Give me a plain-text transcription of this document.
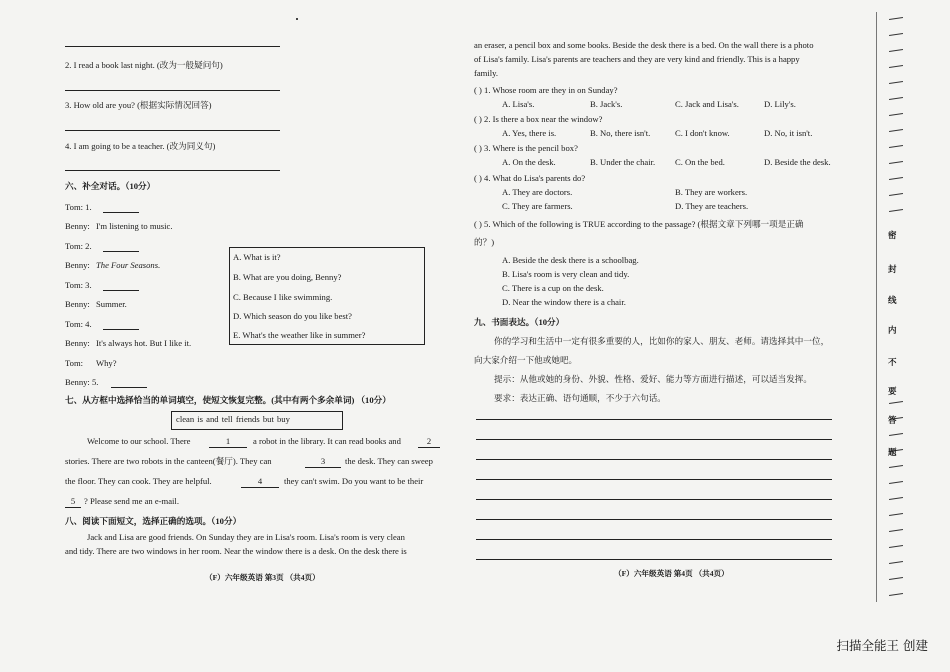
2. I read a book last night. (改为一般疑问句)
3. How old are you? (根据实际情况回答)
4. I am going to be a teacher. (改为同义句)
六、补全对话。（10分）
Tom: 1.
Benny: I'm listening to music.
Tom: 2.
Benny: The Four Seasons.
Tom: 3.
Benny: Summer.
Tom: 4.
Benny: It's always hot. But I like it.
Tom: Why?
Benny: 5.
A. What is it?
B. What are you doing, Benny?
C. Because I like swimming.
D. Which season do you like best?
E. What's the weather like in summer?
七、从方框中选择恰当的单词填空，使短文恢复完整。(其中有两个多余单词) （10分）
clean is and tell friends but buy
Welcome to our school. There	1	a robot in the library. It can read books and	2
stories. There are two robots in the canteen(餐厅). They can	3	the desk. They can sweep
the floor. They can cook. They are helpful.	4	they can't swim. Do you want to be their
5	? Please send me an e-mail.
八、阅读下面短文，选择正确的选项。（10分）
Jack and Lisa are good friends. On Sunday they are in Lisa's room. Lisa's room is very clean
and tidy. There are two windows in her room. Near the window there is a desk. On the desk there is
（F）六年级英语 第3页 （共4页）
an eraser, a pencil box and some books. Beside the desk there is a bed. On the wall there is a photo
of Lisa's family. Lisa's parents are teachers and they are very kind and friendly. This is a happy
family.
( ) 1. Whose room are they in on Sunday?
A. Lisa's.	B. Jack's.	C. Jack and Lisa's.	D. Lily's.
( ) 2. Is there a box near the window?
A. Yes, there is.	B. No, there isn't.	C. I don't know.	D. No, it isn't.
( ) 3. Where is the pencil box?
A. On the desk.	B. Under the chair. C. On the bed.	D. Beside the desk.
( ) 4. What do Lisa's parents do?
A. They are doctors.	B. They are workers.
C. They are farmers.	D. They are teachers.
( ) 5. Which of the following is TRUE according to the passage? (根据文章下列哪一项是正确
的？)
A. Beside the desk there is a schoolbag.
B. Lisa's room is very clean and tidy.
C. There is a cup on the desk.
D. Near the window there is a chair.
九、书面表达。（10分）
你的学习和生活中一定有很多重要的人，比如你的家人、朋友、老师。请选择其中一位，
向大家介绍一下他或她吧。
提示：从他或她的身份、外貌、性格、爱好、能力等方面进行描述，可以适当发挥。
要求：表达正确、语句通顺，不少于六句话。
（F）六年级英语 第4页 （共4页）
密
封
线
内
不
要
答
题
扫描全能王 创建
